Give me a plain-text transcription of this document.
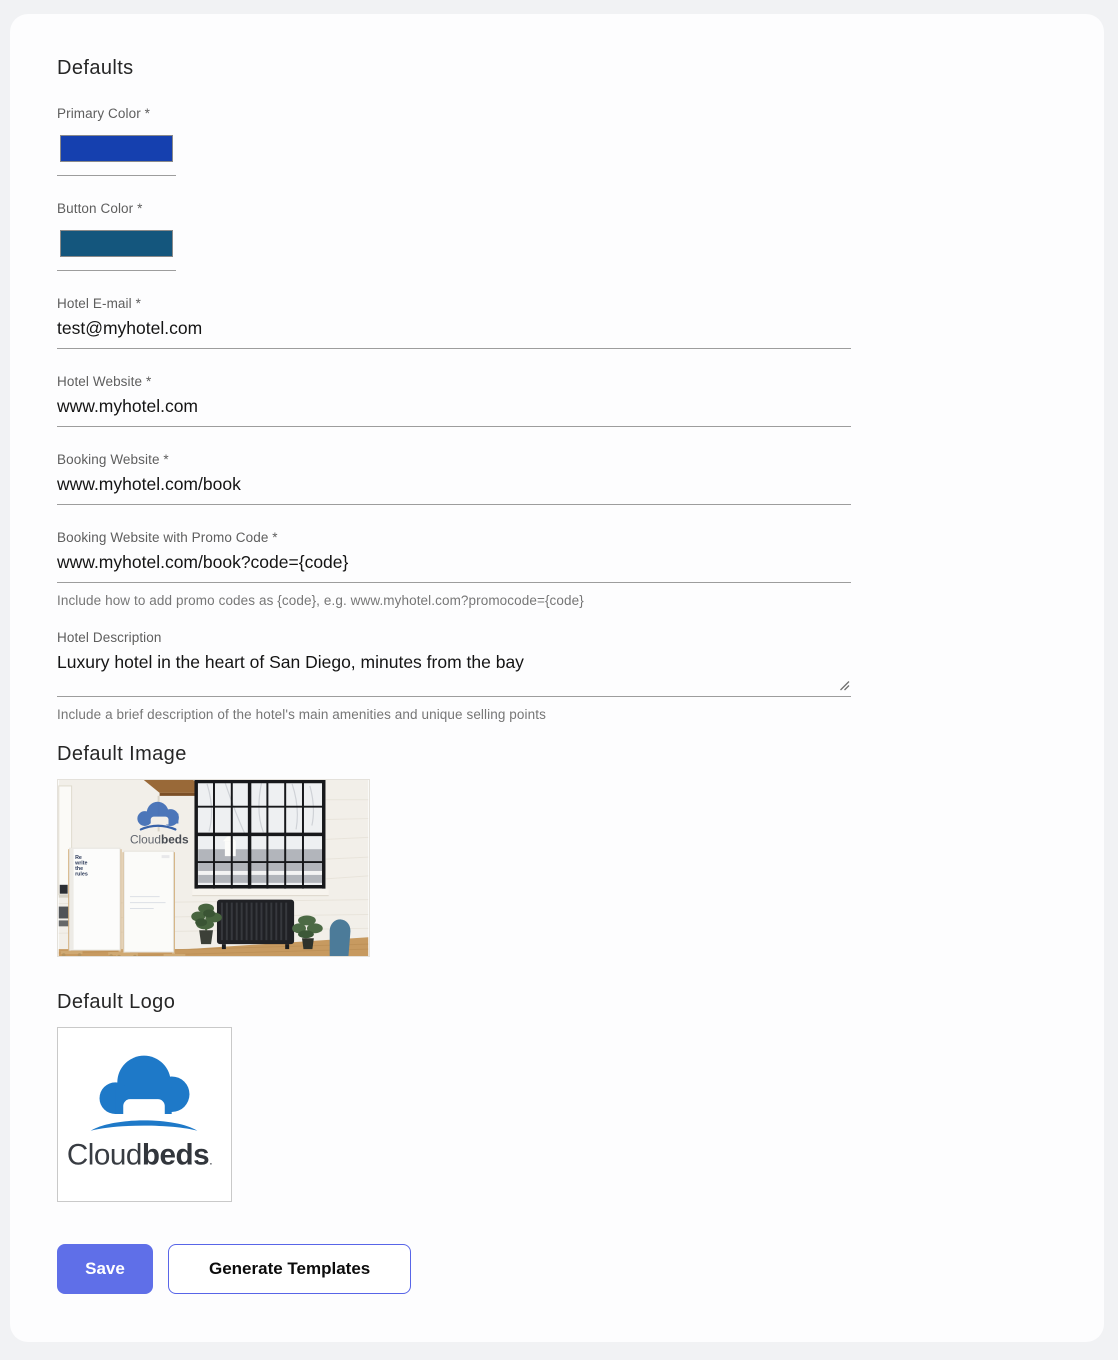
Defaults
Primary Color *
Button Color *
Hotel E-mail *
test@myhotel.com
Hotel Website *
www.myhotel.com
Booking Website *
www.myhotel.com/book
Booking Website with Promo Code *
www.myhotel.com/book?code={code}
Include how to add promo codes as {code}, e.g. www.myhotel.com?promocode={code}
Hotel Description
Luxury hotel in the heart of San Diego, minutes from the bay
Include a brief description of the hotel's main amenities and unique selling points
Default Image
Cloudbeds
Re write the rules
Default Logo
Cloudbeds.
Save	Generate Templates
